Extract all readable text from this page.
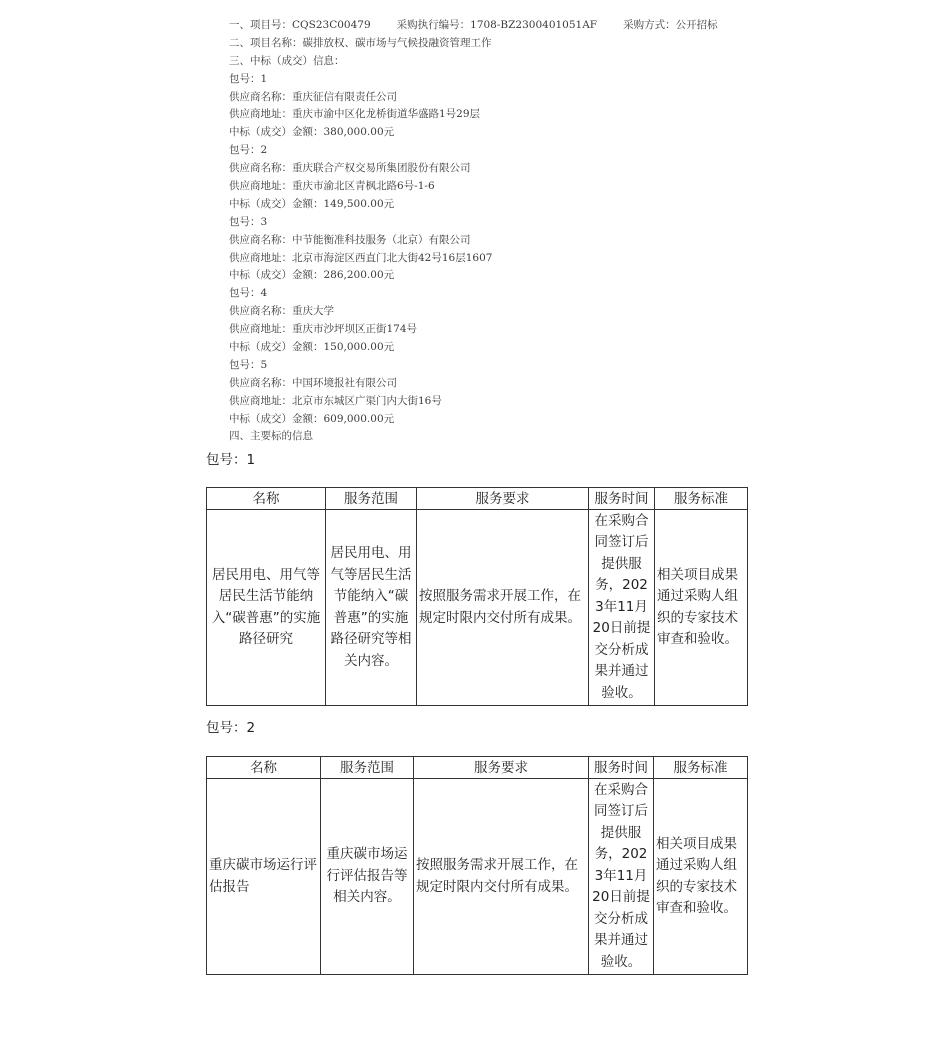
一、项目号：CQS23C00479 采购执行编号：1708-BZ2300401051AF 采购方式：公开招标
二、项目名称：碳排放权、碳市场与气候投融资管理工作
三、中标（成交）信息：
包号：1
供应商名称：重庆征信有限责任公司
供应商地址：重庆市渝中区化龙桥街道华盛路1号29层
中标（成交）金额：380,000.00元
包号：2
供应商名称：重庆联合产权交易所集团股份有限公司
供应商地址：重庆市渝北区青枫北路6号-1-6
中标（成交）金额：149,500.00元
包号：3
供应商名称：中节能衡准科技服务（北京）有限公司
供应商地址：北京市海淀区西直门北大街42号16层1607
中标（成交）金额：286,200.00元
包号：4
供应商名称：重庆大学
供应商地址：重庆市沙坪坝区正街174号
中标（成交）金额：150,000.00元
包号：5
供应商名称：中国环境报社有限公司
供应商地址：北京市东城区广渠门内大街16号
中标（成交）金额：609,000.00元
四、主要标的信息
包号：1
名称	服务范围	服务要求	服务时间	服务标准
居民用电、用气等居民生活节能纳入“碳普惠”的实施路径研究	居民用电、用气等居民生活节能纳入“碳普惠”的实施路径研究等相关内容。	按照服务需求开展工作，在规定时限内交付所有成果。	在采购合同签订后提供服务，2023年11月20日前提交分析成果并通过验收。	相关项目成果通过采购人组织的专家技术审查和验收。
包号：2
名称	服务范围	服务要求	服务时间	服务标准
重庆碳市场运行评估报告	重庆碳市场运行评估报告等相关内容。	按照服务需求开展工作，在规定时限内交付所有成果。	在采购合同签订后提供服务，2023年11月20日前提交分析成果并通过验收。	相关项目成果通过采购人组织的专家技术审查和验收。
